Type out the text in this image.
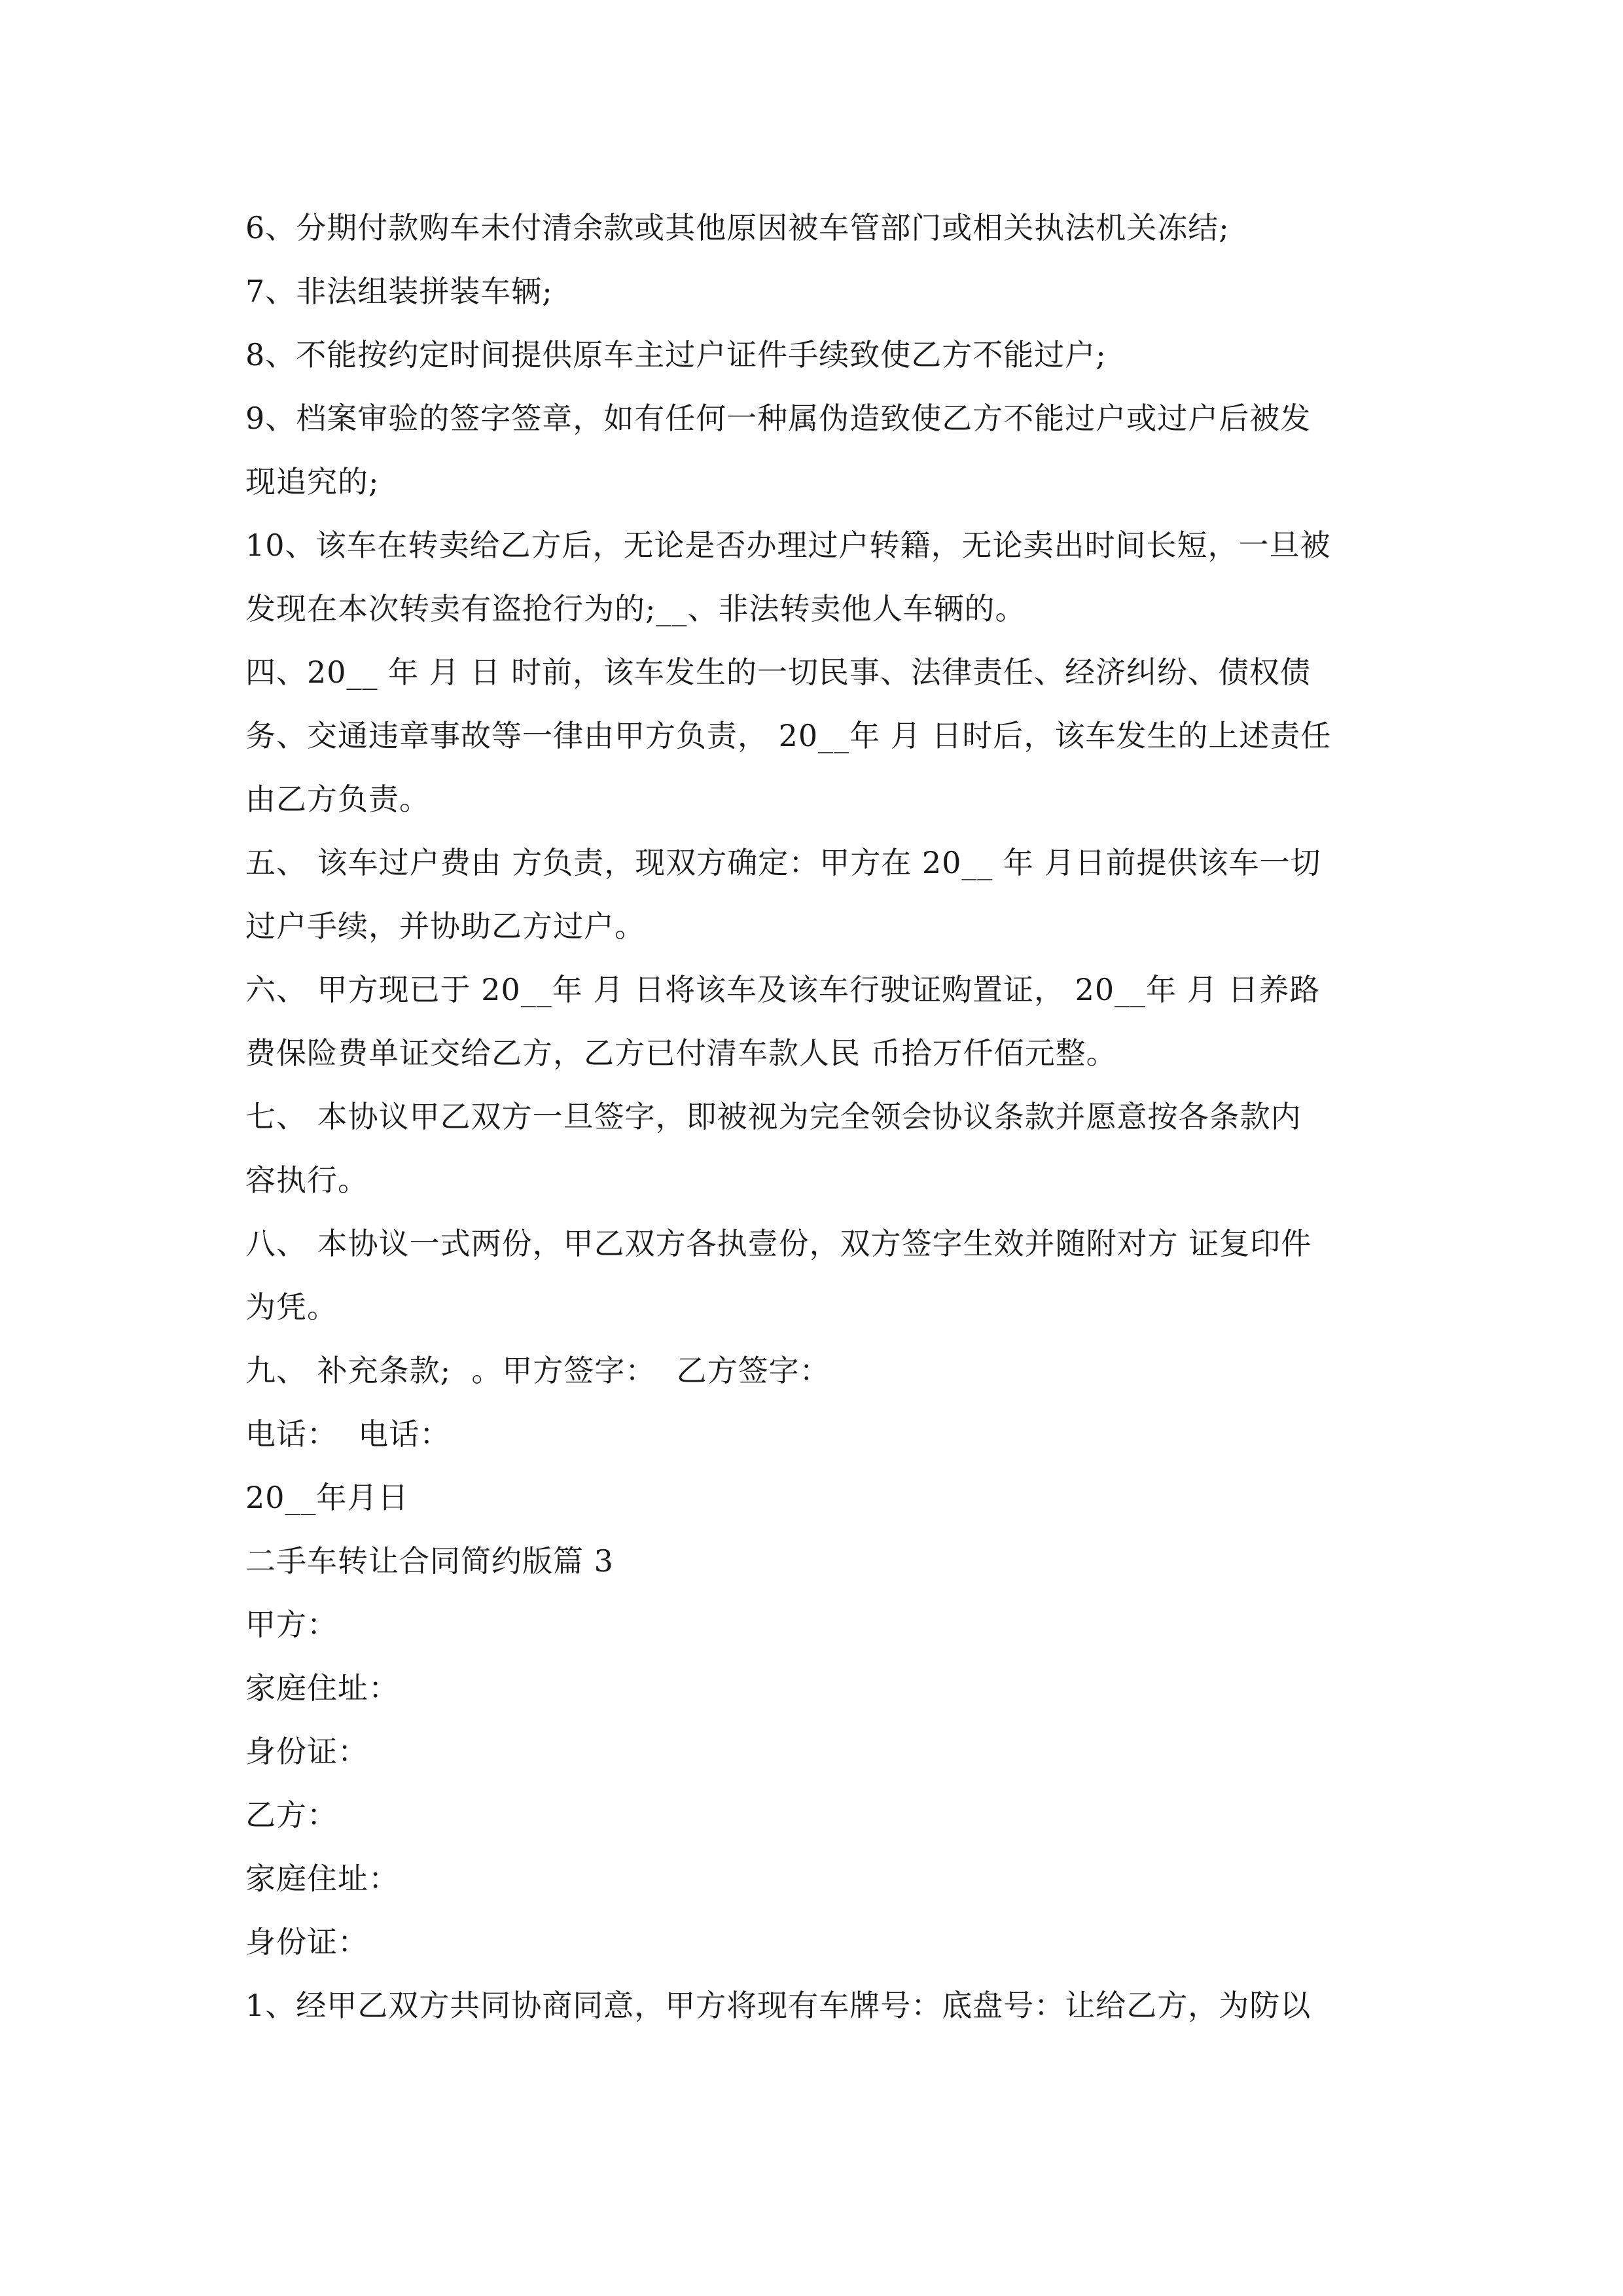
6、分期付款购车未付清余款或其他原因被车管部门或相关执法机关冻结;
7、非法组装拼装车辆;
8、不能按约定时间提供原车主过户证件手续致使乙方不能过户;
9、档案审验的签字签章，如有任何一种属伪造致使乙方不能过户或过户后被发
现追究的;
10、该车在转卖给乙方后，无论是否办理过户转籍，无论卖出时间长短，一旦被
发现在本次转卖有盗抢行为的;__、非法转卖他人车辆的。
四、20__ 年 月 日 时前，该车发生的一切民事、法律责任、经济纠纷、债权债
务、交通违章事故等一律由甲方负责， 20__年 月 日时后，该车发生的上述责任
由乙方负责。
五、 该车过户费由 方负责，现双方确定：甲方在 20__ 年 月日前提供该车一切
过户手续，并协助乙方过户。
六、 甲方现已于 20__年 月 日将该车及该车行驶证购置证， 20__年 月 日养路
费保险费单证交给乙方，乙方已付清车款人民 币拾万仟佰元整。
七、 本协议甲乙双方一旦签字，即被视为完全领会协议条款并愿意按各条款内
容执行。
八、 本协议一式两份，甲乙双方各执壹份，双方签字生效并随附对方 证复印件
为凭。
九、 补充条款;  。甲方签字：  乙方签字：
电话：  电话：
20__年月日
二手车转让合同简约版篇 3
甲方：
家庭住址：
身份证：
乙方：
家庭住址：
身份证：
1、经甲乙双方共同协商同意，甲方将现有车牌号：底盘号：让给乙方，为防以
